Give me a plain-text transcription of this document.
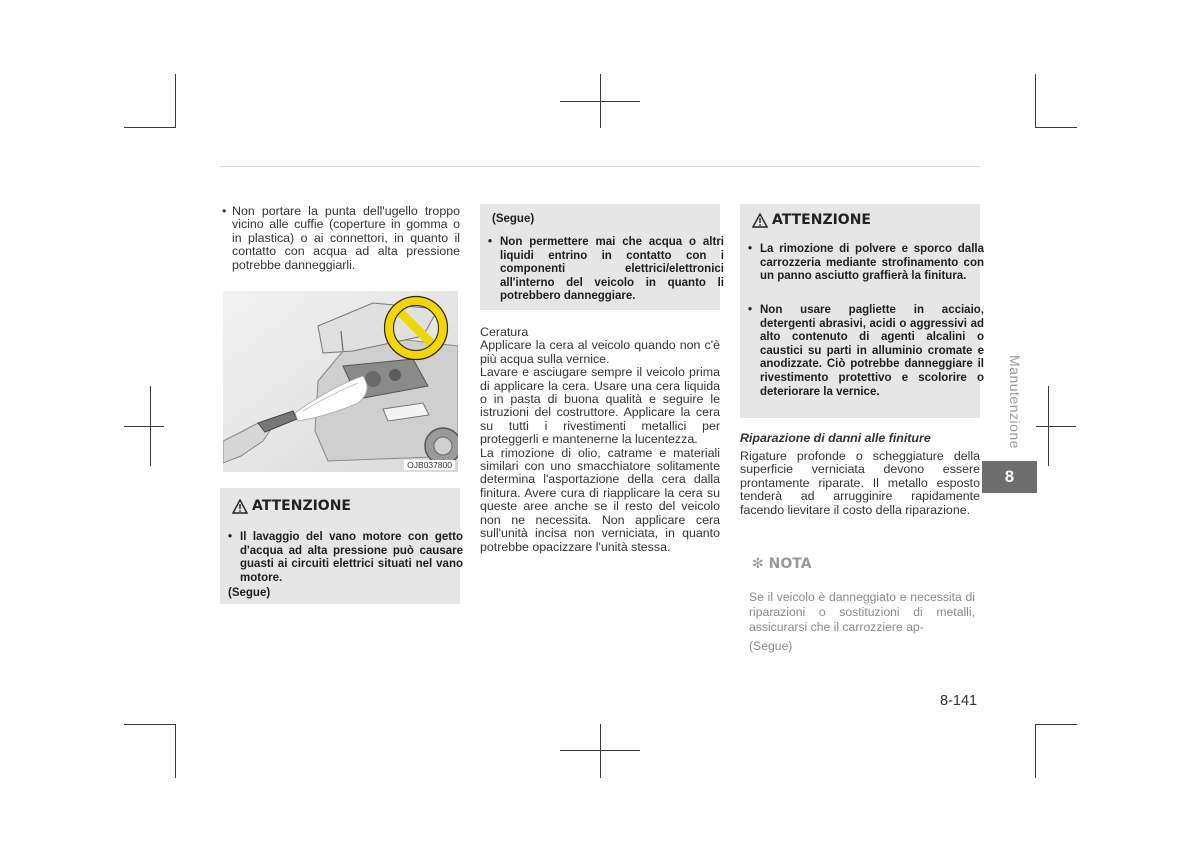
• Non portare la punta dell'ugello troppo vicino alle cuffie (coperture in gomma o in plastica) o ai connettori, in quanto il contatto con acqua ad alta pressione potrebbe danneggiarli.
OJB037800
ATTENZIONE
• Il lavaggio del vano motore con getto d'acqua ad alta pressione può causare guasti ai circuiti elettrici situati nel vano motore.
(Segue)
(Segue)
• Non permettere mai che acqua o altri liquidi entrino in contatto con i componenti elettrici/elettronici all'interno del veicolo in quanto li potrebbero danneggiare.

Ceratura

Applicare la cera al veicolo quando non c'è più acqua sulla vernice.

Lavare e asciugare sempre il veicolo prima di applicare la cera. Usare una cera liquida o in pasta di buona qualità e seguire le istruzioni del costruttore. Applicare la cera su tutti i rivestimenti metallici per proteggerli e mantenerne la lucentezza.

La rimozione di olio, catrame e materiali similari con uno smacchiatore solitamente determina l'asportazione della cera dalla finitura. Avere cura di riapplicare la cera su queste aree anche se il resto del veicolo non ne necessita. Non applicare cera sull'unità incisa non verniciata, in quanto potrebbe opacizzare l'unità stessa.

ATTENZIONE
• La rimozione di polvere e sporco dalla carrozzeria mediante strofinamento con un panno asciutto graffierà la finitura.
• Non usare pagliette in acciaio, detergenti abrasivi, acidi o aggressivi ad alto contenuto di agenti alcalini o caustici su parti in alluminio cromate e anodizzate. Ciò potrebbe danneggiare il rivestimento protettivo e scolorire o deteriorare la vernice.
Riparazione di danni alle finiture
Rigature profonde o scheggiature della superficie verniciata devono essere prontamente riparate. Il metallo esposto tenderà ad arrugginire rapidamente facendo lievitare il costo della riparazione.
✻ NOTA
Se il veicolo è danneggiato e necessita di riparazioni o sostituzioni di metalli, assicurarsi che il carrozziere ap-
(Segue)
Manutenzione
8
8-141
